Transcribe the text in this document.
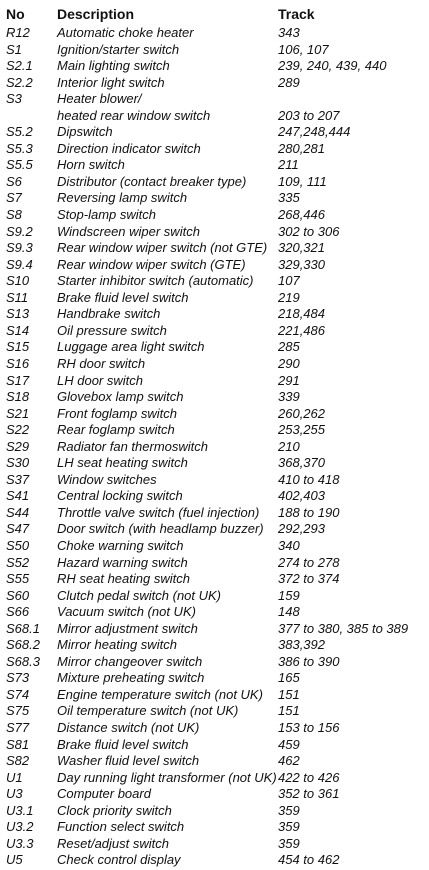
No Description	Track
R12 Automatic choke heater	343
S1	Ignition/starter switch	106, 107
S2.1 Main lighting switch	239, 240, 439, 440
S2.2 Interior light switch	289
S3	Heater blower/
heated rear window switch	203 to 207
S5.2 Dipswitch	247,248,444
S5.3 Direction indicator switch	280,281
S5.5 Horn switch	211
S6	Distributor (contact breaker type) 109, 111
S7	Reversing lamp switch	335
S8	Stop-lamp switch	268,446
S9.2 Windscreen wiper switch	302 to 306
S9.3 Rear window wiper switch (not GTE) 320,321
S9.4 Rear window wiper switch (GTE) 329,330
S10 Starter inhibitor switch (automatic) 107
S11 Brake fluid level switch	219
S13 Handbrake switch	218,484
S14 Oil pressure switch	221,486
S15 Luggage area light switch	285
S16 RH door switch	290
S17 LH door switch	291
S18 Glovebox lamp switch	339
S21 Front foglamp switch	260,262
S22 Rear foglamp switch	253,255
S29 Radiator fan thermoswitch	210
S30 LH seat heating switch	368,370
S37 Window switches	410 to 418
S41 Central locking switch	402,403
S44 Throttle valve switch (fuel injection) 188 to 190
S47 Door switch (with headlamp buzzer) 292,293
S50 Choke warning switch	340
S52 Hazard warning switch	274 to 278
S55 RH seat heating switch	372 to 374
S60 Clutch pedal switch (not UK)	159
S66 Vacuum switch (not UK)	148
S68.1 Mirror adjustment switch	377 to 380, 385 to 389
S68.2 Mirror heating switch	383,392
S68.3 Mirror changeover switch	386 to 390
S73 Mixture preheating switch	165
S74 Engine temperature switch (not UK) 151
S75 Oil temperature switch (not UK)	151
S77 Distance switch (not UK)	153 to 156
S81 Brake fluid level switch	459
S82 Washer fluid level switch	462
U1	Day running light transformer (not UK) 422 to 426
U3	Computer board	352 to 361
U3.1 Clock priority switch	359
U3.2 Function select switch	359
U3.3 Reset/adjust switch	359
U5	Check control display	454 to 462
